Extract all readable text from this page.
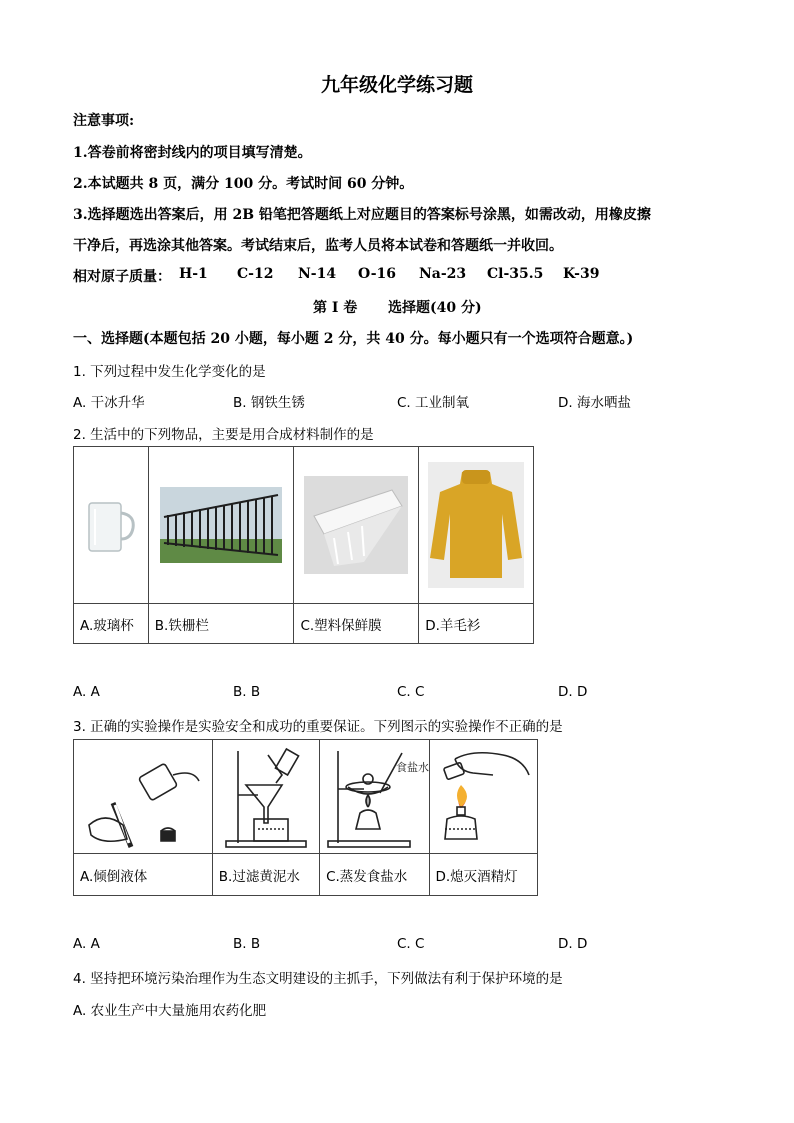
九年级化学练习题
注意事项:
1.答卷前将密封线内的项目填写清楚。
2.本试题共 8 页，满分 100 分。考试时间 60 分钟。
3.选择题选出答案后，用 2B 铅笔把答题纸上对应题目的答案标号涂黑，如需改动，用橡皮擦
干净后，再选涂其他答案。考试结束后，监考人员将本试卷和答题纸一并收回。
相对原子质量： H-1 C-12 N-14 O-16 Na-23 Cl-35.5 K-39
第 I 卷 选择题(40 分)
一、选择题(本题包括 20 小题，每小题 2 分，共 40 分。每小题只有一个选项符合题意。)
1. 下列过程中发生化学变化的是
A. 干冰升华	B. 钢铁生锈	C. 工业制氧	D. 海水晒盐
2. 生活中的下列物品，主要是用合成材料制作的是

A.玻璃杯	B.铁栅栏	C.塑料保鲜膜	D.羊毛衫
A. A	B. B	C. C	D. D
3. 正确的实验操作是实验安全和成功的重要保证。下列图示的实验操作不正确的是

食盐水

A.倾倒液体	B.过滤黄泥水	C.蒸发食盐水	D.熄灭酒精灯
A. A	B. B	C. C	D. D
4. 坚持把环境污染治理作为生态文明建设的主抓手，下列做法有利于保护环境的是
A. 农业生产中大量施用农药化肥
